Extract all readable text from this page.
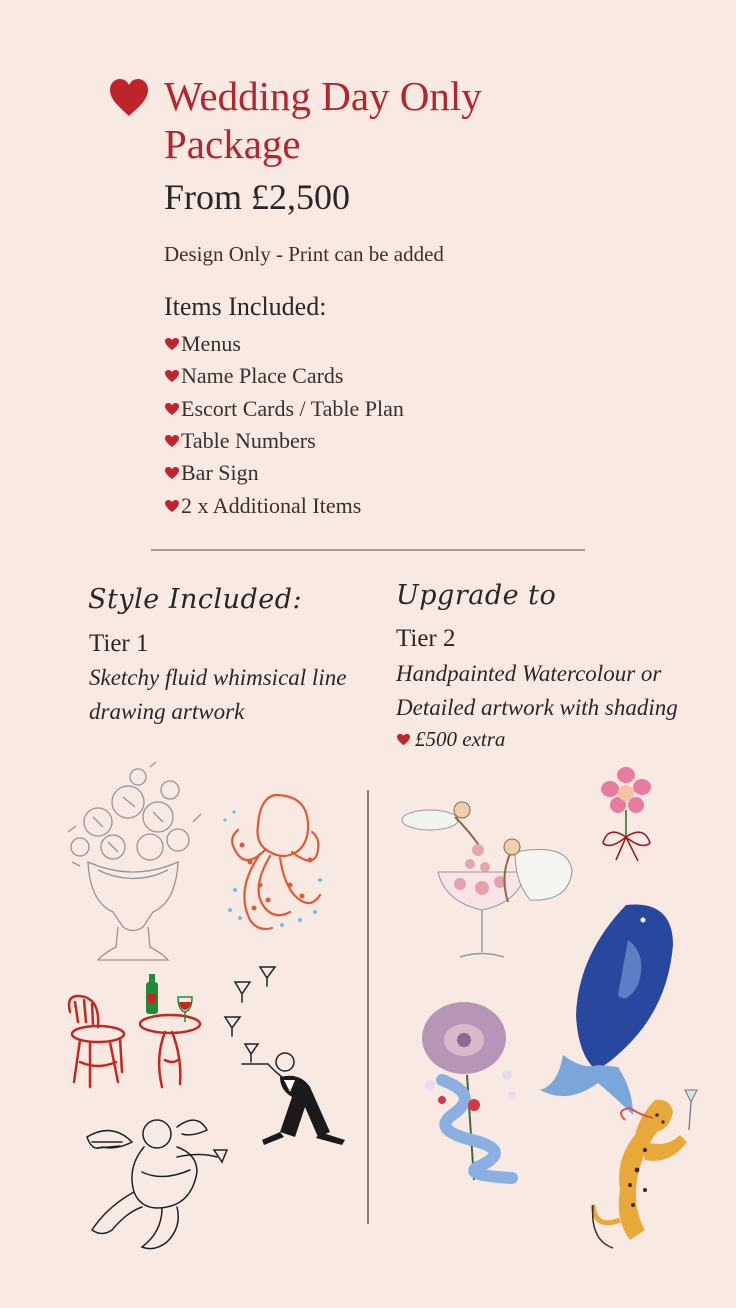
Wedding Day Only Package
From £2,500
Design Only - Print can be added
Items Included:
Menus
Name Place Cards
Escort Cards / Table Plan
Table Numbers
Bar Sign
2 x Additional Items
Style Included:
Tier 1
Sketchy fluid whimsical line drawing artwork
Upgrade to
Tier 2
Handpainted Watercolour or Detailed artwork with shading
£500 extra
